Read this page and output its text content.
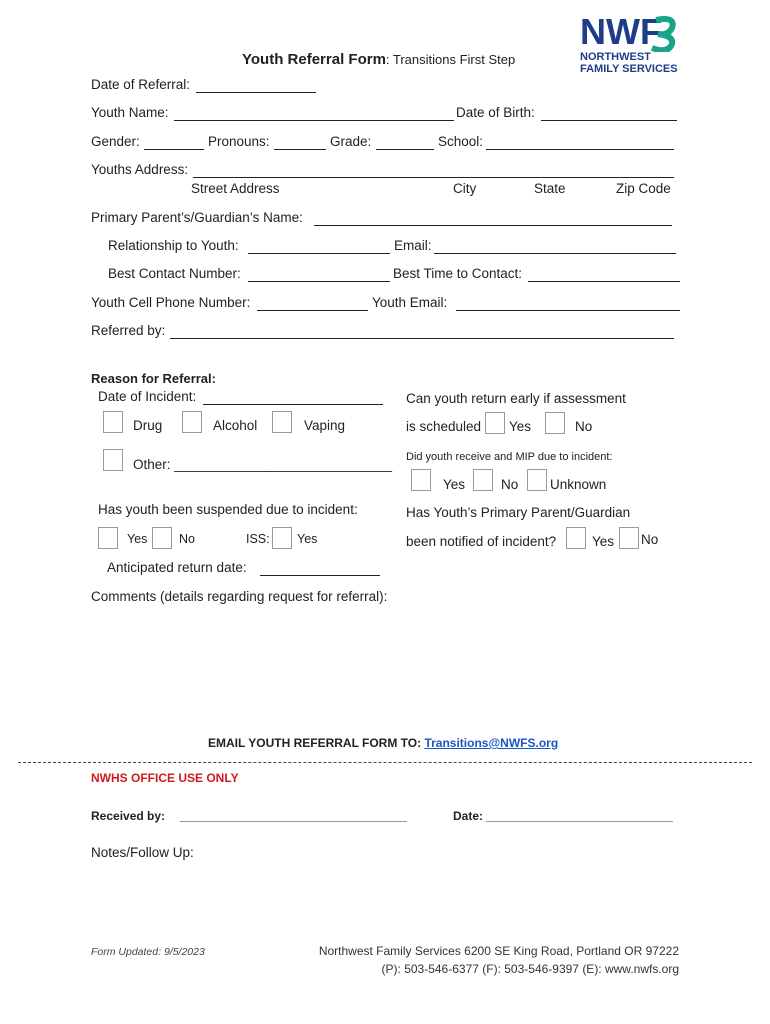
NWF
NORTHWEST
FAMILY SERVICES
Youth Referral Form: Transitions First Step
Date of Referral:
Youth Name:	Date of Birth:
Gender:	Pronouns:	Grade:	School:
Youths Address:
Street Address	City	State	Zip Code
Primary Parent’s/Guardian’s Name:
Relationship to Youth:	Email:
Best Contact Number:	Best Time to Contact:
Youth Cell Phone Number:	Youth Email:
Referred by:
Reason for Referral:
Date of Incident:
Drug	Alcohol	Vaping
Other: _____________________________
Can youth return early if assessment
is scheduled Yes	No
Did youth receive and MIP due to incident:
Yes	No Unknown
Has youth been suspended due to incident:
Yes	No	ISS: Yes
Has Youth’s Primary Parent/Guardian
been notified of incident?	Yes No
Anticipated return date:
Comments (details regarding request for referral):
EMAIL YOUTH REFERRAL FORM TO: Transitions@NWFS.org
NWHS OFFICE USE ONLY
Received by: __________________________________	Date: ____________________________
Notes/Follow Up:
Form Updated: 9/5/2023	Northwest Family Services 6200 SE King Road, Portland OR 97222
(P): 503-546-6377 (F): 503-546-9397 (E): www.nwfs.org
